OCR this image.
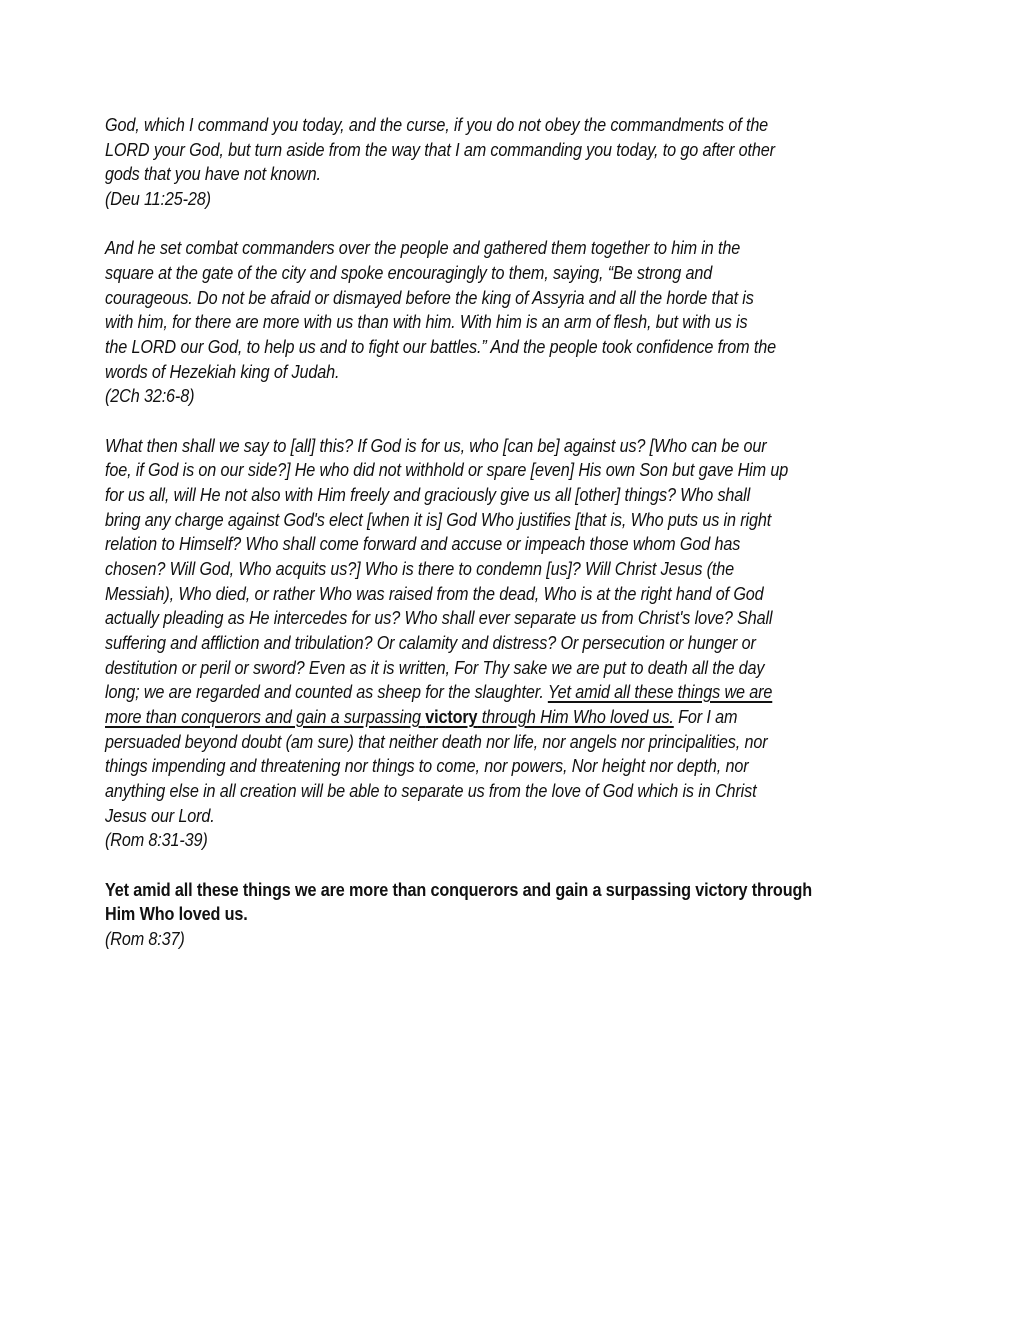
God, which I command you today, and the curse, if you do not obey the commandments of the
LORD your God, but turn aside from the way that I am commanding you today, to go after other
gods that you have not known.
(Deu 11:25-28)
And he set combat commanders over the people and gathered them together to him in the
square at the gate of the city and spoke encouragingly to them, saying, “Be strong and
courageous. Do not be afraid or dismayed before the king of Assyria and all the horde that is
with him, for there are more with us than with him. With him is an arm of flesh, but with us is
the LORD our God, to help us and to fight our battles.” And the people took confidence from the
words of Hezekiah king of Judah.
(2Ch 32:6-8)
What then shall we say to [all] this? If God is for us, who [can be] against us? [Who can be our
foe, if God is on our side?] He who did not withhold or spare [even] His own Son but gave Him up
for us all, will He not also with Him freely and graciously give us all [other] things? Who shall
bring any charge against God's elect [when it is] God Who justifies [that is, Who puts us in right
relation to Himself? Who shall come forward and accuse or impeach those whom God has
chosen? Will God, Who acquits us?] Who is there to condemn [us]? Will Christ Jesus (the
Messiah), Who died, or rather Who was raised from the dead, Who is at the right hand of God
actually pleading as He intercedes for us? Who shall ever separate us from Christ's love? Shall
suffering and affliction and tribulation? Or calamity and distress? Or persecution or hunger or
destitution or peril or sword? Even as it is written, For Thy sake we are put to death all the day
long; we are regarded and counted as sheep for the slaughter. Yet amid all these things we are
more than conquerors and gain a surpassing victory through Him Who loved us. For I am
persuaded beyond doubt (am sure) that neither death nor life, nor angels nor principalities, nor
things impending and threatening nor things to come, nor powers, Nor height nor depth, nor
anything else in all creation will be able to separate us from the love of God which is in Christ
Jesus our Lord.
(Rom 8:31-39)
Yet amid all these things we are more than conquerors and gain a surpassing victory through
Him Who loved us.
(Rom 8:37)
